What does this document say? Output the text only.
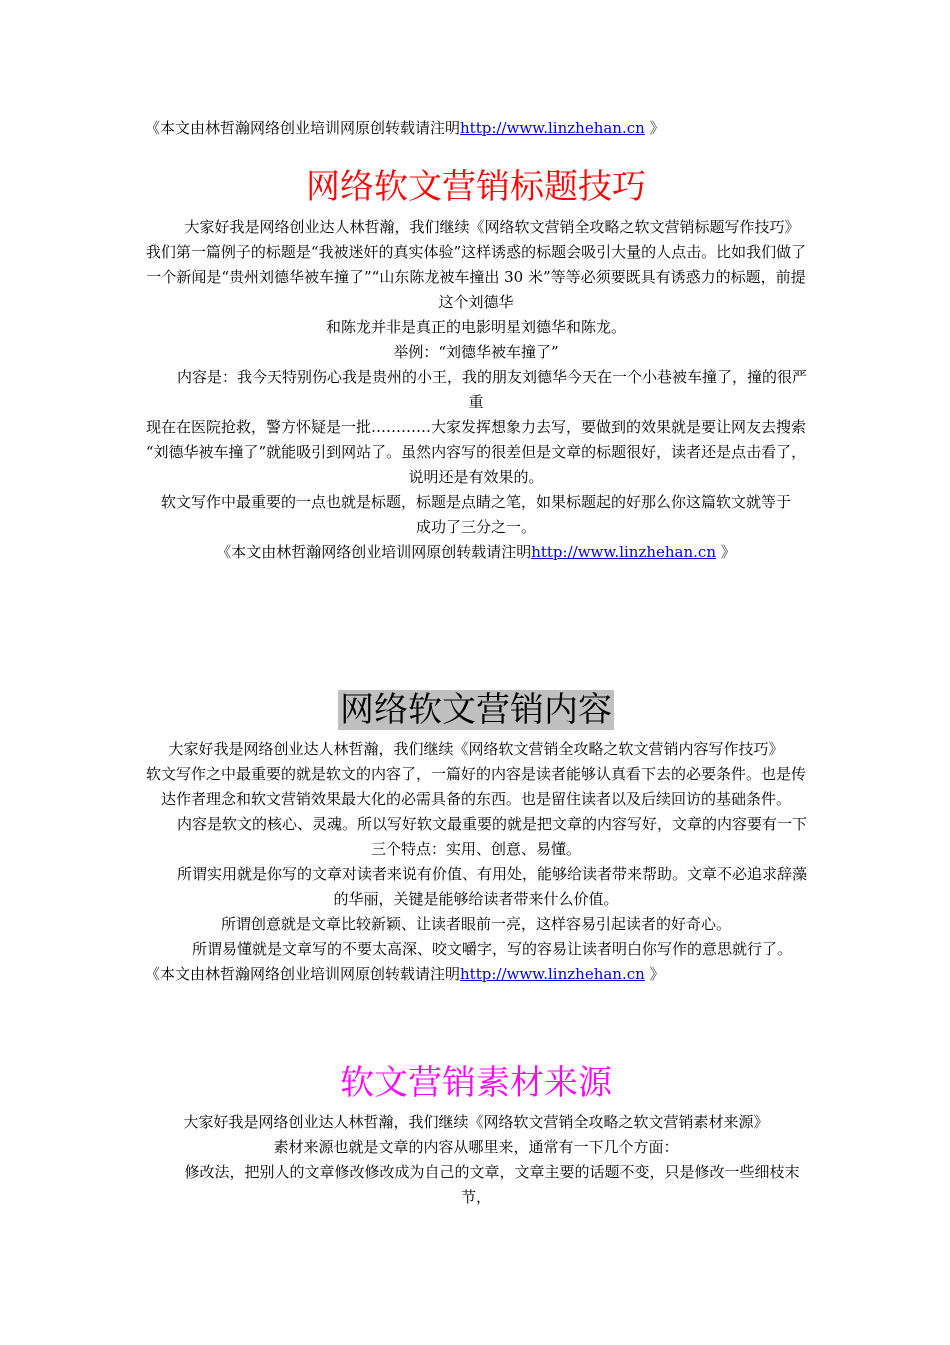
《本文由林哲瀚网络创业培训网原创转载请注明http://www.linzhehan.cn 》

网络软文营销标题技巧

大家好我是网络创业达人林哲瀚，我们继续《网络软文营销全攻略之软文营销标题写作技巧》

我们第一篇例子的标题是“我被迷奸的真实体验”这样诱惑的标题会吸引大量的人点击。比如我们做了

一个新闻是“贵州刘德华被车撞了”“山东陈龙被车撞出 30 米”等等必须要既具有诱惑力的标题，前提这个刘德华

和陈龙并非是真正的电影明星刘德华和陈龙。

举例：“刘德华被车撞了”

内容是：我今天特别伤心我是贵州的小王，我的朋友刘德华今天在一个小巷被车撞了，撞的很严重

现在在医院抢救，警方怀疑是一批…………大家发挥想象力去写，要做到的效果就是要让网友去搜索

“刘德华被车撞了”就能吸引到网站了。虽然内容写的很差但是文章的标题很好，读者还是点击看了，说明还是有效果的。

软文写作中最重要的一点也就是标题，标题是点睛之笔，如果标题起的好那么你这篇软文就等于

成功了三分之一。

《本文由林哲瀚网络创业培训网原创转载请注明http://www.linzhehan.cn 》

网络软文营销内容

大家好我是网络创业达人林哲瀚，我们继续《网络软文营销全攻略之软文营销内容写作技巧》

软文写作之中最重要的就是软文的内容了，一篇好的内容是读者能够认真看下去的必要条件。也是传达作者理念和软文营销效果最大化的必需具备的东西。也是留住读者以及后续回访的基础条件。

内容是软文的核心、灵魂。所以写好软文最重要的就是把文章的内容写好，文章的内容要有一下三个特点：实用、创意、易懂。

所谓实用就是你写的文章对读者来说有价值、有用处，能够给读者带来帮助。文章不必追求辞藻的华丽，关键是能够给读者带来什么价值。

所谓创意就是文章比较新颖、让读者眼前一亮，这样容易引起读者的好奇心。

所谓易懂就是文章写的不要太高深、咬文嚼字，写的容易让读者明白你写作的意思就行了。

《本文由林哲瀚网络创业培训网原创转载请注明http://www.linzhehan.cn 》

软文营销素材来源

大家好我是网络创业达人林哲瀚，我们继续《网络软文营销全攻略之软文营销素材来源》

素材来源也就是文章的内容从哪里来，通常有一下几个方面：

修改法，把别人的文章修改修改成为自己的文章，文章主要的话题不变，只是修改一些细枝末节，
